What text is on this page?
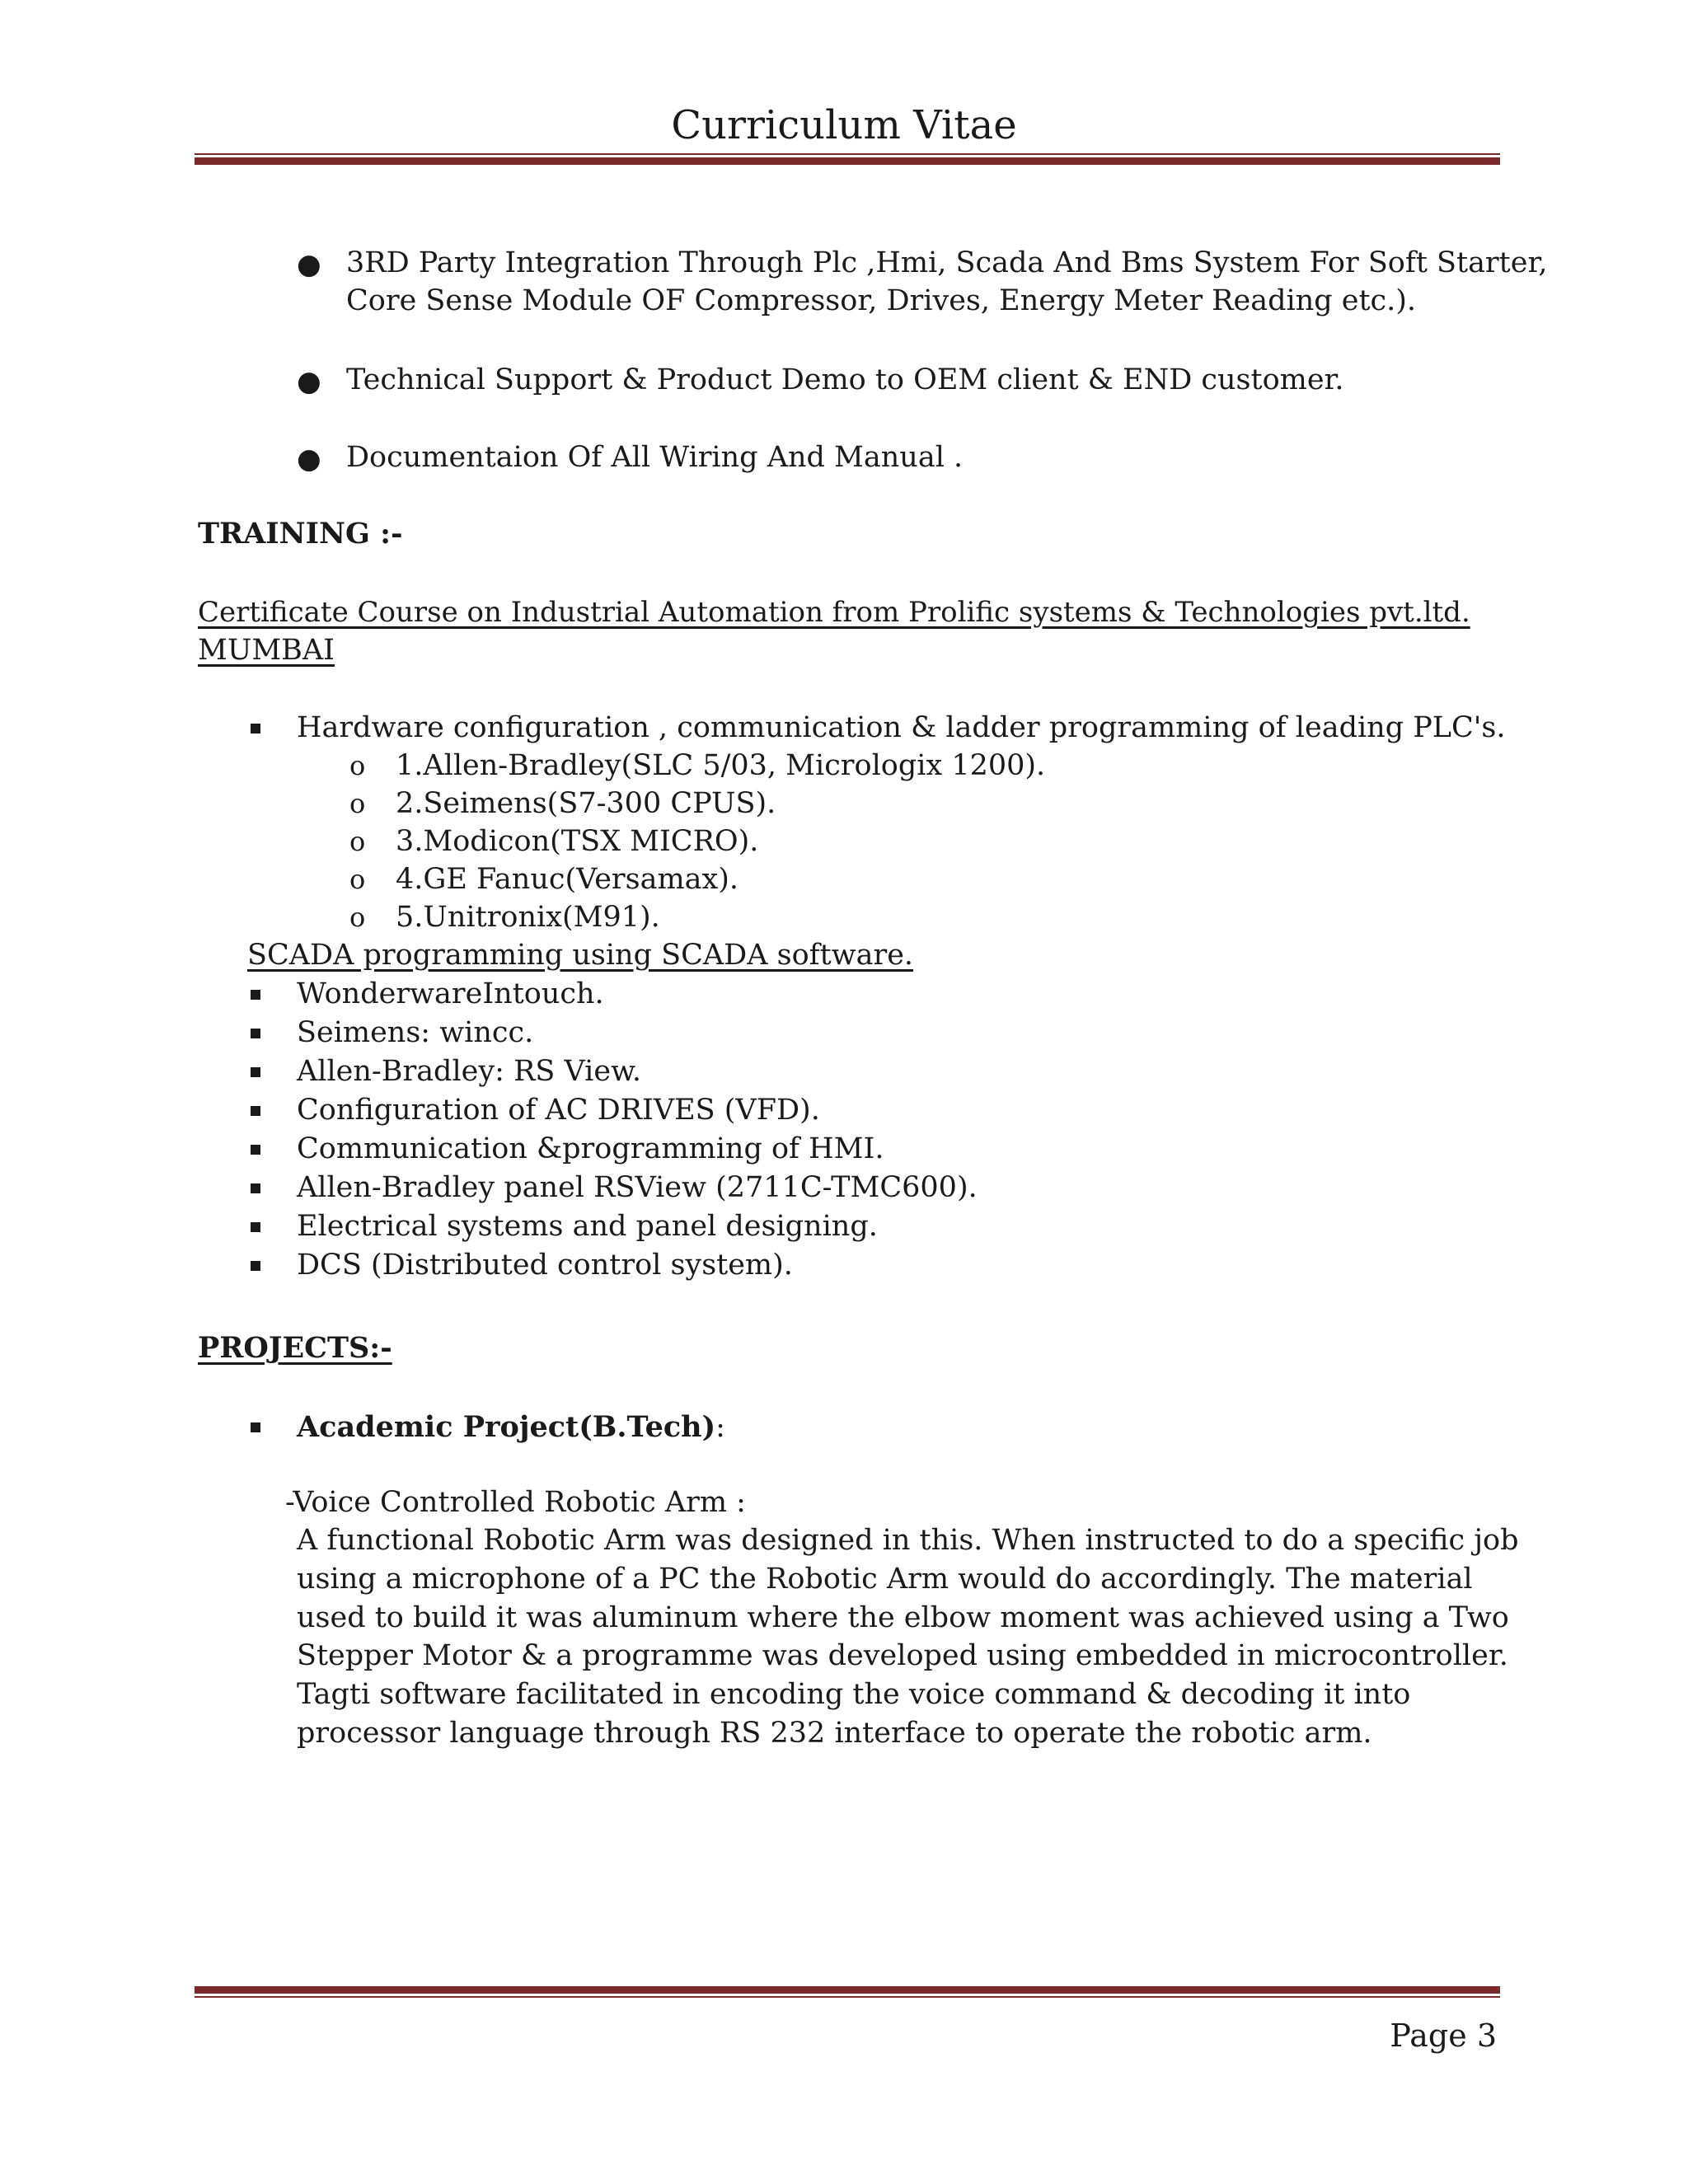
Curriculum Vitae
● 3RD Party Integration Through Plc ,Hmi, Scada And Bms System For Soft Starter,
Core Sense Module OF Compressor, Drives, Energy Meter Reading etc.).
● Technical Support & Product Demo to OEM client & END customer.
● Documentaion Of All Wiring And Manual .
TRAINING :-
Certificate Course on Industrial Automation from Prolific systems & Technologies pvt.ltd.
MUMBAI
Hardware configuration , communication & ladder programming of leading PLC's.
o 1.Allen-Bradley(SLC 5/03, Micrologix 1200).
o 2.Seimens(S7-300 CPUS).
o 3.Modicon(TSX MICRO).
o 4.GE Fanuc(Versamax).
o 5.Unitronix(M91).
SCADA programming using SCADA software.
WonderwareIntouch.
Seimens: wincc.
Allen-Bradley: RS View.
Configuration of AC DRIVES (VFD).
Communication &programming of HMI.
Allen-Bradley panel RSView (2711C-TMC600).
Electrical systems and panel designing.
DCS (Distributed control system).
PROJECTS:-
Academic Project(B.Tech):
-Voice Controlled Robotic Arm :
A functional Robotic Arm was designed in this. When instructed to do a specific job
using a microphone of a PC the Robotic Arm would do accordingly. The material
used to build it was aluminum where the elbow moment was achieved using a Two
Stepper Motor & a programme was developed using embedded in microcontroller.
Tagti software facilitated in encoding the voice command & decoding it into
processor language through RS 232 interface to operate the robotic arm.
Page 3
